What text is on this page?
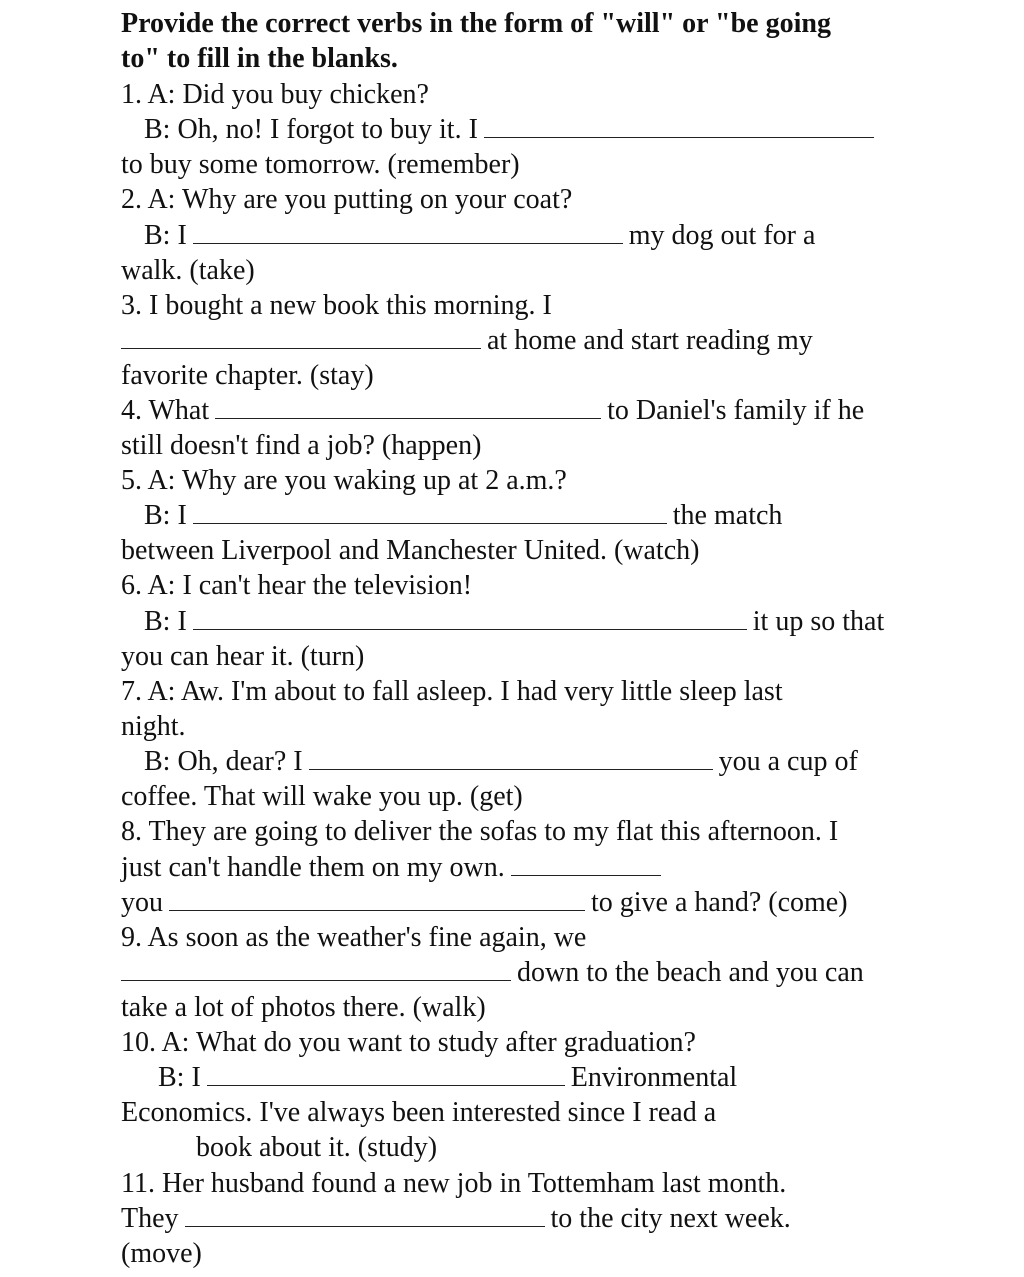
Provide the correct verbs in the form of "will" or "be going
to" to fill in the blanks.
1. A: Did you buy chicken?
B: Oh, no! I forgot to buy it. I
to buy some tomorrow. (remember)
2. A: Why are you putting on your coat?
B: I	my dog out for a
walk. (take)
3. I bought a new book this morning. I
at home and start reading my
favorite chapter. (stay)
4. What	to Daniel's family if he
still doesn't find a job? (happen)
5. A: Why are you waking up at 2 a.m.?
B: I	the match
between Liverpool and Manchester United. (watch)
6. A: I can't hear the television!
B: I	it up so that
you can hear it. (turn)
7. A: Aw. I'm about to fall asleep. I had very little sleep last
night.
B: Oh, dear? I	you a cup of
coffee. That will wake you up. (get)
8. They are going to deliver the sofas to my flat this afternoon. I
just can't handle them on my own.
you	to give a hand? (come)
9. As soon as the weather's fine again, we
down to the beach and you can
take a lot of photos there. (walk)
10. A: What do you want to study after graduation?
B: I	Environmental
Economics. I've always been interested since I read a
book about it. (study)
11. Her husband found a new job in Tottemham last month.
They	to the city next week.
(move)
